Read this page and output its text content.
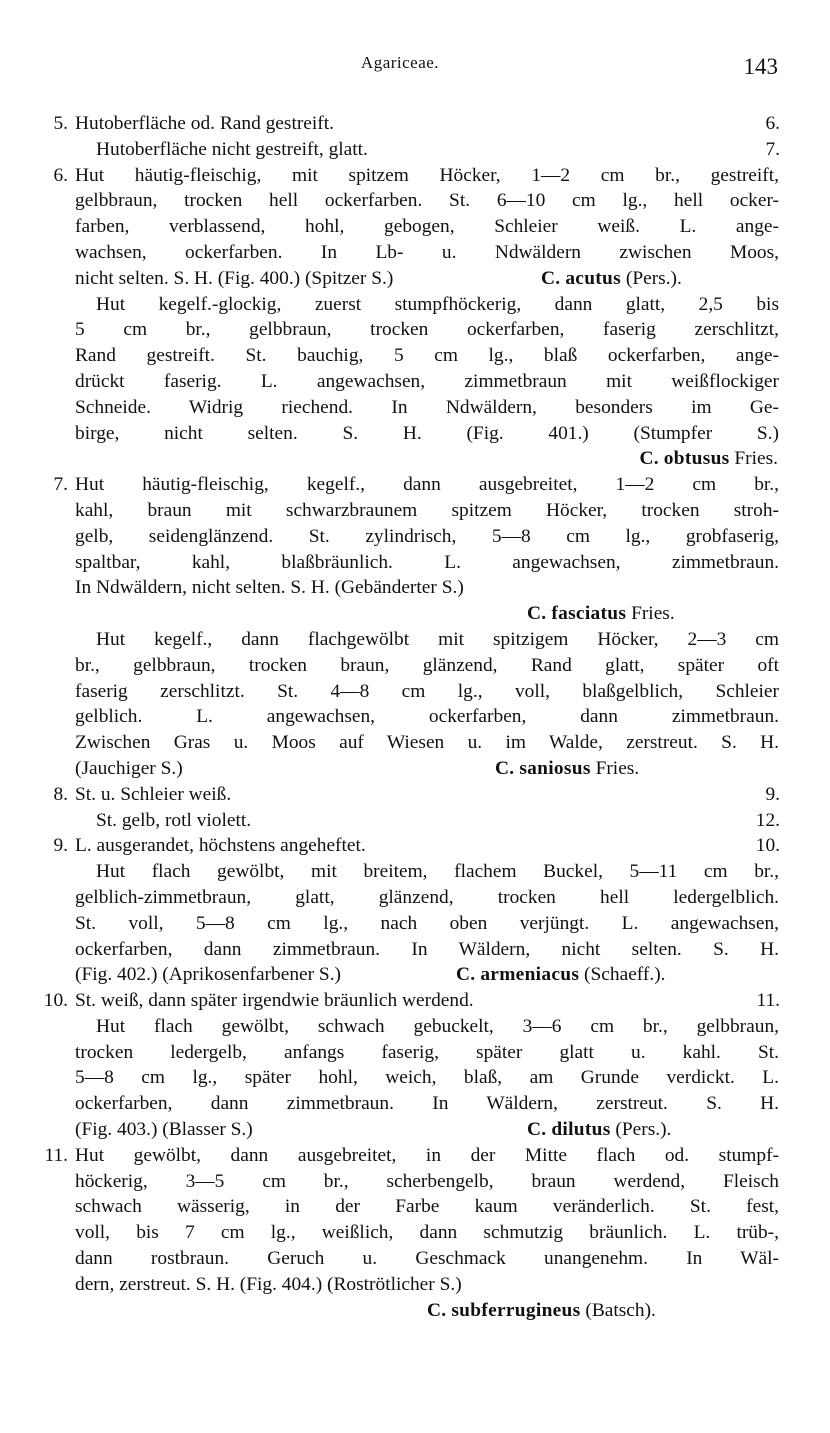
Agariceae.	143
5. Hutoberfläche od. Rand gestreift.	6.
Hutoberfläche nicht gestreift, glatt.	7.
6. Hut häutig-fleischig, mit spitzem Höcker, 1—2 cm br., gestreift,
gelbbraun, trocken hell ockerfarben. St. 6—10 cm lg., hell ocker-
farben, verblassend, hohl, gebogen, Schleier weiß. L. ange-
wachsen, ockerfarben. In Lb- u. Ndwäldern zwischen Moos,
nicht selten. S. H. (Fig. 400.) (Spitzer S.)	C. acutus (Pers.).
Hut kegelf.-glockig, zuerst stumpfhöckerig, dann glatt, 2,5 bis
5 cm br., gelbbraun, trocken ockerfarben, faserig zerschlitzt,
Rand gestreift. St. bauchig, 5 cm lg., blaß ockerfarben, ange-
drückt faserig. L. angewachsen, zimmetbraun mit weißflockiger
Schneide. Widrig riechend. In Ndwäldern, besonders im Ge-
birge, nicht selten. S. H. (Fig. 401.) (Stumpfer S.)
C. obtusus Fries.
7. Hut häutig-fleischig, kegelf., dann ausgebreitet, 1—2 cm br.,
kahl, braun mit schwarzbraunem spitzem Höcker, trocken stroh-
gelb, seidenglänzend. St. zylindrisch, 5—8 cm lg., grobfaserig,
spaltbar, kahl, blaßbräunlich. L. angewachsen, zimmetbraun.
In Ndwäldern, nicht selten. S. H. (Gebänderter S.)
C. fasciatus Fries.
Hut kegelf., dann flachgewölbt mit spitzigem Höcker, 2—3 cm
br., gelbbraun, trocken braun, glänzend, Rand glatt, später oft
faserig zerschlitzt. St. 4—8 cm lg., voll, blaßgelblich, Schleier
gelblich. L. angewachsen, ockerfarben, dann zimmetbraun.
Zwischen Gras u. Moos auf Wiesen u. im Walde, zerstreut. S. H.
(Jauchiger S.)	C. saniosus Fries.
8. St. u. Schleier weiß.	9.
St. gelb, rotl violett.	12.
9. L. ausgerandet, höchstens angeheftet.	10.
Hut flach gewölbt, mit breitem, flachem Buckel, 5—11 cm br.,
gelblich-zimmetbraun, glatt, glänzend, trocken hell ledergelblich.
St. voll, 5—8 cm lg., nach oben verjüngt. L. angewachsen,
ockerfarben, dann zimmetbraun. In Wäldern, nicht selten. S. H.
(Fig. 402.) (Aprikosenfarbener S.)	C. armeniacus (Schaeff.).
10. St. weiß, dann später irgendwie bräunlich werdend.	11.
Hut flach gewölbt, schwach gebuckelt, 3—6 cm br., gelbbraun,
trocken ledergelb, anfangs faserig, später glatt u. kahl. St.
5—8 cm lg., später hohl, weich, blaß, am Grunde verdickt. L.
ockerfarben, dann zimmetbraun. In Wäldern, zerstreut. S. H.
(Fig. 403.) (Blasser S.)	C. dilutus (Pers.).
11. Hut gewölbt, dann ausgebreitet, in der Mitte flach od. stumpf-
höckerig, 3—5 cm br., scherbengelb, braun werdend, Fleisch
schwach wässerig, in der Farbe kaum veränderlich. St. fest,
voll, bis 7 cm lg., weißlich, dann schmutzig bräunlich. L. trüb-,
dann rostbraun. Geruch u. Geschmack unangenehm. In Wäl-
dern, zerstreut. S. H. (Fig. 404.) (Roströtlicher S.)
C. subferrugineus (Batsch).
